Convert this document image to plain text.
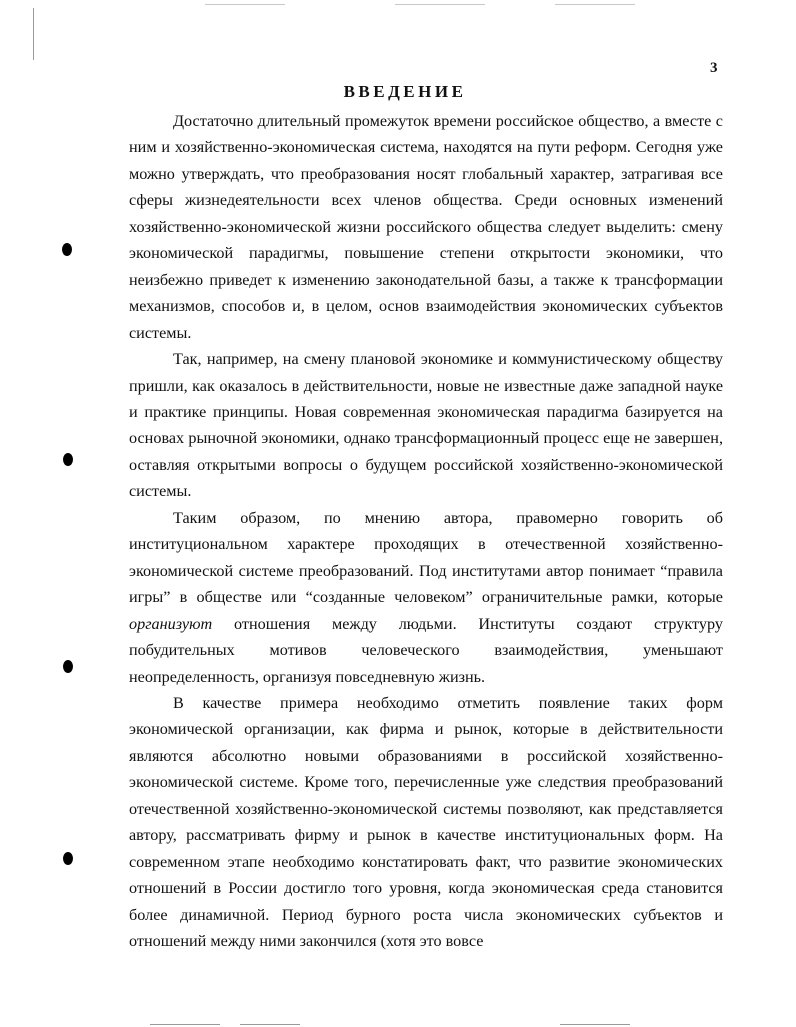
3
ВВЕДЕНИЕ

Достаточно длительный промежуток времени российское общество, а вместе с ним и хозяйственно-экономическая система, находятся на пути реформ. Сегодня уже можно утверждать, что преобразования носят глобальный характер, затрагивая все сферы жизнедеятельности всех членов общества. Среди основных изменений хозяйственно-экономической жизни российского общества следует выделить: смену экономической парадигмы, повышение степени открытости экономики, что неизбежно приведет к изменению законодательной базы, а также к трансформации механизмов, способов и, в целом, основ взаимодействия экономических субъектов системы.

Так, например, на смену плановой экономике и коммунистическому обществу пришли, как оказалось в действительности, новые не известные даже западной науке и практике принципы. Новая современная экономическая парадигма базируется на основах рыночной экономики, однако трансформационный процесс еще не завершен, оставляя открытыми вопросы о будущем российской хозяйственно-экономической системы.

Таким образом, по мнению автора, правомерно говорить об институциональном характере проходящих в отечественной хозяйственно-экономической системе преобразований. Под институтами автор понимает “правила игры” в обществе или “созданные человеком” ограничительные рамки, которые организуют отношения между людьми. Институты создают структуру побудительных мотивов человеческого взаимодействия, уменьшают неопределенность, организуя повседневную жизнь.

В качестве примера необходимо отметить появление таких форм экономической организации, как фирма и рынок, которые в действительности являются абсолютно новыми образованиями в российской хозяйственно-экономической системе. Кроме того, перечисленные уже следствия преобразований отечественной хозяйственно-экономической системы позволяют, как представляется автору, рассматривать фирму и рынок в качестве институциональных форм. На современном этапе необходимо констатировать факт, что развитие экономических отношений в России достигло того уровня, когда экономическая среда становится более динамичной. Период бурного роста числа экономических субъектов и отношений между ними закончился (хотя это вовсе
